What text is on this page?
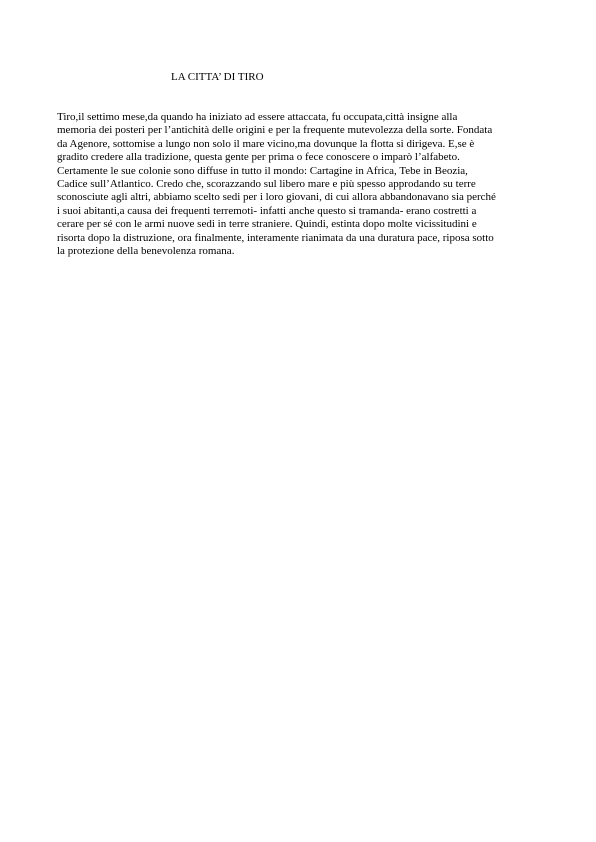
LA CITTA’ DI TIRO

Tiro,il settimo mese,da quando ha iniziato ad essere attaccata, fu occupata,città insigne alla
memoria dei posteri per l’antichità delle origini e per la frequente mutevolezza della sorte. Fondata
da Agenore, sottomise a lungo non solo il mare vicino,ma dovunque la flotta si dirigeva. E,se è
gradito credere alla tradizione, questa gente per prima o fece conoscere o imparò l’alfabeto.
Certamente le sue colonie sono diffuse in tutto il mondo: Cartagine in Africa, Tebe in Beozia,
Cadice sull’Atlantico. Credo che, scorazzando sul libero mare e più spesso approdando su terre
sconosciute agli altri, abbiamo scelto sedi per i loro giovani, di cui allora abbandonavano sia perché
i suoi abitanti,a causa dei frequenti terremoti- infatti anche questo si tramanda- erano costretti a
cerare per sé con le armi nuove sedi in terre straniere. Quindi, estinta dopo molte vicissitudini e
risorta dopo la distruzione, ora finalmente, interamente rianimata da una duratura pace, riposa sotto
la protezione della benevolenza romana.
